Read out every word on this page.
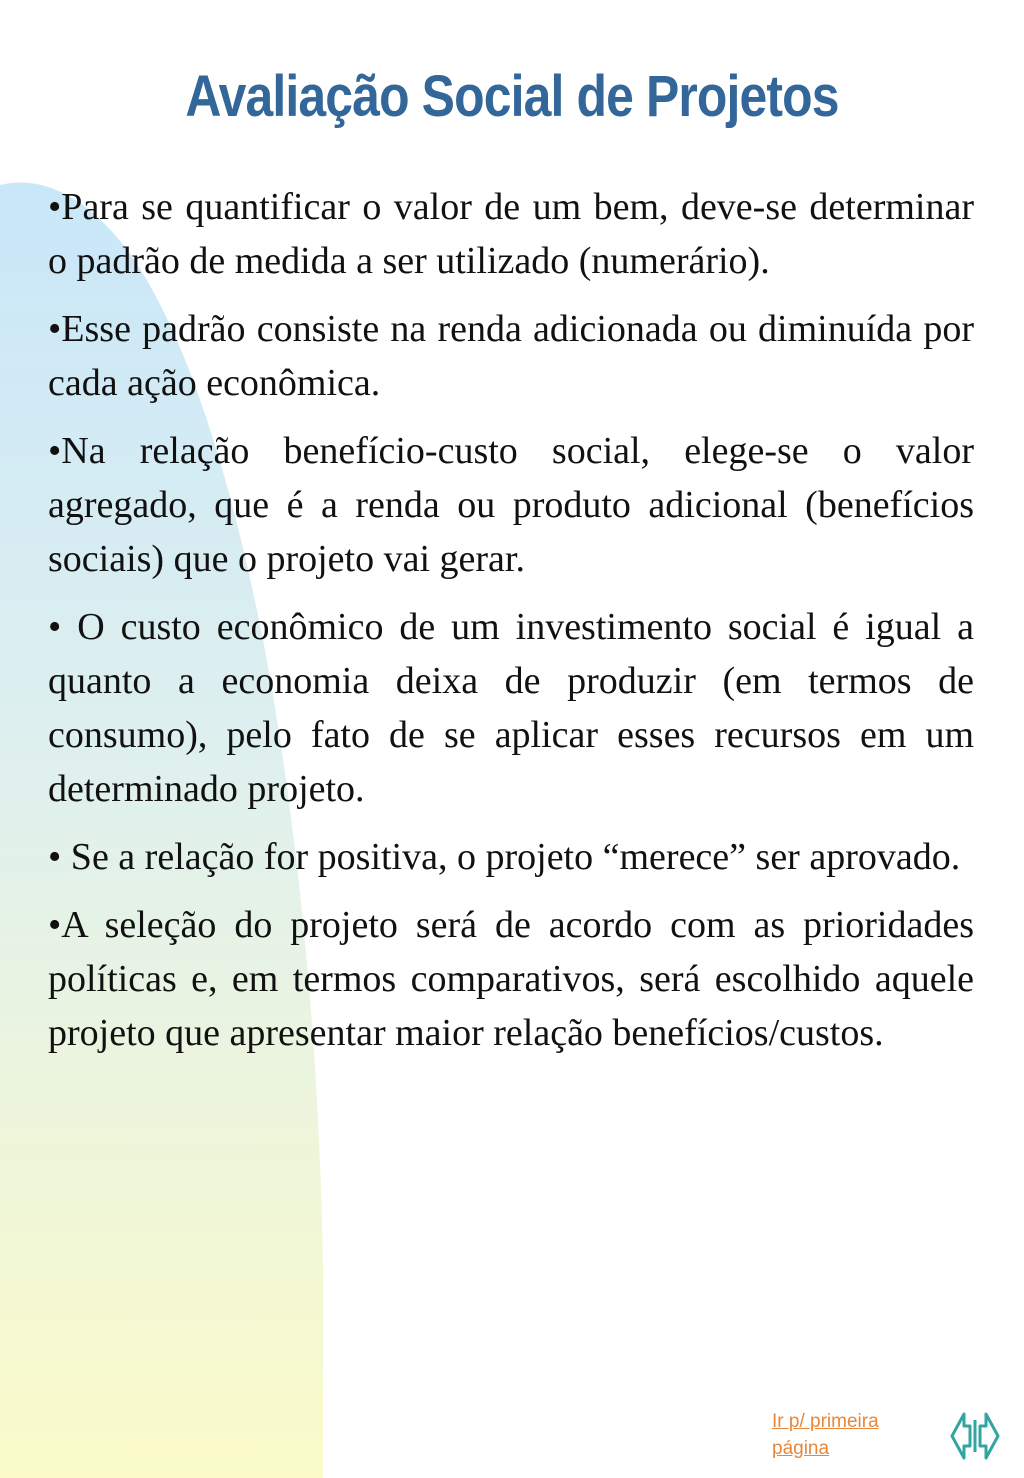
Avaliação Social de Projetos

•Para se quantificar o valor de um bem, deve-se determinar o padrão de medida a ser utilizado (numerário).

•Esse padrão consiste na renda adicionada ou diminuída por cada ação econômica.

•Na relação benefício-custo social, elege-se o valor agregado, que é a renda ou produto adicional (benefícios sociais) que o projeto vai gerar.

• O custo econômico de um investimento social é igual a quanto a economia deixa de produzir (em termos de consumo), pelo fato de se aplicar esses recursos em um determinado projeto.

• Se a relação for positiva, o projeto “merece” ser aprovado.

•A seleção do projeto será de acordo com as prioridades políticas e, em termos comparativos, será escolhido aquele projeto que apresentar maior relação benefícios/custos.

Ir p/ primeira página
